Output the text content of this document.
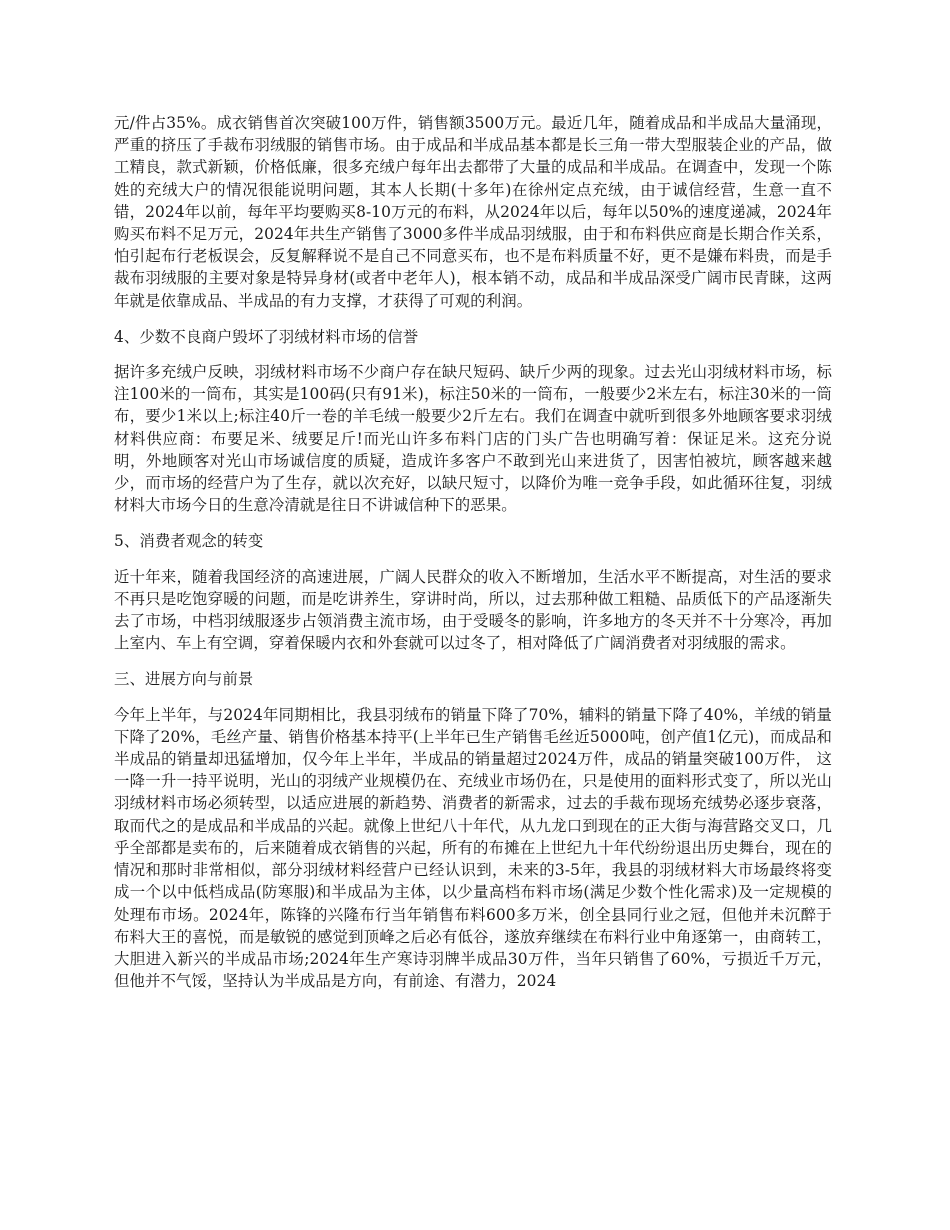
元/件占35%。成衣销售首次突破100万件，销售额3500万元。最近几年，随着成品和半成品大量涌现，严重的挤压了手裁布羽绒服的销售市场。由于成品和半成品基本都是长三角一带大型服装企业的产品，做工精良，款式新颖，价格低廉，很多充绒户每年出去都带了大量的成品和半成品。在调查中，发现一个陈姓的充绒大户的情况很能说明问题，其本人长期(十多年)在徐州定点充绒，由于诚信经营，生意一直不错，2024年以前，每年平均要购买8-10万元的布料，从2024年以后，每年以50%的速度递减，2024年购买布料不足万元，2024年共生产销售了3000多件半成品羽绒服，由于和布料供应商是长期合作关系，怕引起布行老板误会，反复解释说不是自己不同意买布，也不是布料质量不好，更不是嫌布料贵，而是手裁布羽绒服的主要对象是特异身材(或者中老年人)，根本销不动，成品和半成品深受广阔市民青睐，这两年就是依靠成品、半成品的有力支撑，才获得了可观的利润。

4、少数不良商户毁坏了羽绒材料市场的信誉

据许多充绒户反映，羽绒材料市场不少商户存在缺尺短码、缺斤少两的现象。过去光山羽绒材料市场，标注100米的一筒布，其实是100码(只有91米)，标注50米的一筒布，一般要少2米左右，标注30米的一筒布，要少1米以上;标注40斤一卷的羊毛绒一般要少2斤左右。我们在调查中就听到很多外地顾客要求羽绒材料供应商：布要足米、绒要足斤!而光山许多布料门店的门头广告也明确写着：保证足米。这充分说明，外地顾客对光山市场诚信度的质疑，造成许多客户不敢到光山来进货了，因害怕被坑，顾客越来越少，而市场的经营户为了生存，就以次充好，以缺尺短寸，以降价为唯一竞争手段，如此循环往复，羽绒材料大市场今日的生意冷清就是往日不讲诚信种下的恶果。

5、消费者观念的转变

近十年来，随着我国经济的高速进展，广阔人民群众的收入不断增加，生活水平不断提高，对生活的要求不再只是吃饱穿暖的问题，而是吃讲养生，穿讲时尚，所以，过去那种做工粗糙、品质低下的产品逐渐失去了市场，中档羽绒服逐步占领消费主流市场，由于受暖冬的影响，许多地方的冬天并不十分寒冷，再加上室内、车上有空调，穿着保暖内衣和外套就可以过冬了，相对降低了广阔消费者对羽绒服的需求。

三、进展方向与前景

今年上半年，与2024年同期相比，我县羽绒布的销量下降了70%，辅料的销量下降了40%，羊绒的销量下降了20%，毛丝产量、销售价格基本持平(上半年已生产销售毛丝近5000吨，创产值1亿元)，而成品和半成品的销量却迅猛增加，仅今年上半年，半成品的销量超过2024万件，成品的销量突破100万件， 这一降一升一持平说明，光山的羽绒产业规模仍在、充绒业市场仍在，只是使用的面料形式变了，所以光山羽绒材料市场必须转型，以适应进展的新趋势、消费者的新需求，过去的手裁布现场充绒势必逐步衰落，取而代之的是成品和半成品的兴起。就像上世纪八十年代，从九龙口到现在的正大街与海营路交叉口，几乎全部都是卖布的，后来随着成衣销售的兴起，所有的布摊在上世纪九十年代纷纷退出历史舞台，现在的情况和那时非常相似，部分羽绒材料经营户已经认识到，未来的3-5年，我县的羽绒材料大市场最终将变成一个以中低档成品(防寒服)和半成品为主体，以少量高档布料市场(满足少数个性化需求)及一定规模的处理布市场。2024年，陈锋的兴隆布行当年销售布料600多万米，创全县同行业之冠，但他并未沉醉于布料大王的喜悦，而是敏锐的感觉到顶峰之后必有低谷，遂放弃继续在布料行业中角逐第一，由商转工，大胆进入新兴的半成品市场;2024年生产寒诗羽牌半成品30万件，当年只销售了60%，亏损近千万元，但他并不气馁，坚持认为半成品是方向，有前途、有潜力，2024
